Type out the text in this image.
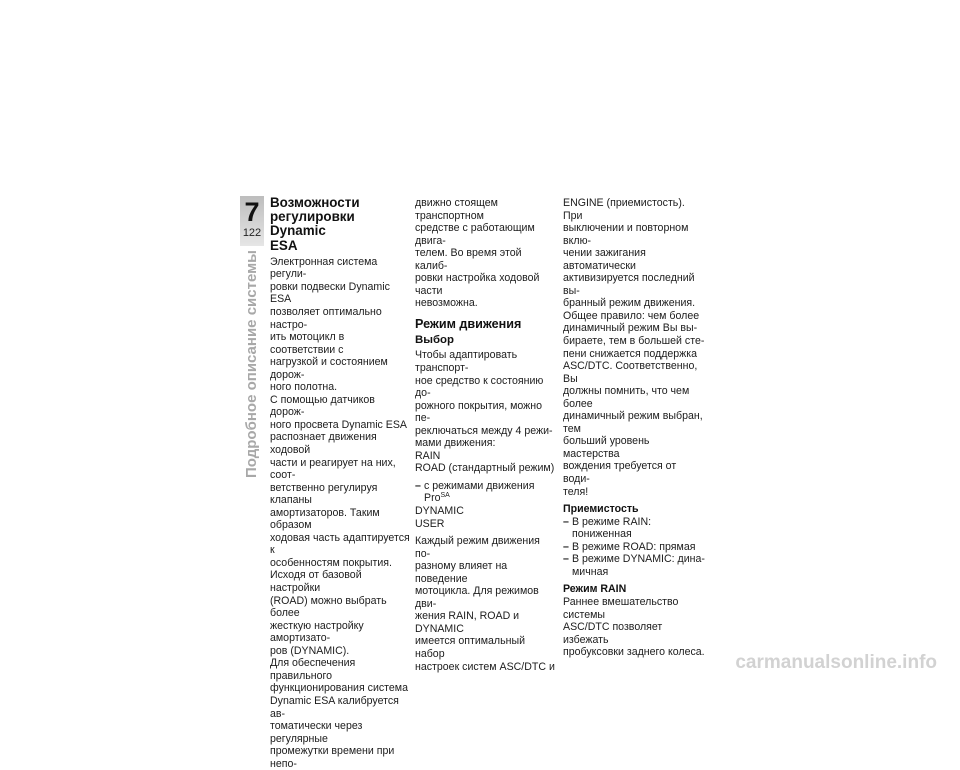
7
122
Подробное описание системы
Возможности
регулировки Dynamic
ESA

Электронная система регули-
ровки подвески Dynamic ESA
позволяет оптимально настро-
ить мотоцикл в соответствии с
нагрузкой и состоянием дорож-
ного полотна.

С помощью датчиков дорож-
ного просвета Dynamic ESA
распознает движения ходовой
части и реагирует на них, соот-
ветственно регулируя клапаны
амортизаторов. Таким образом
ходовая часть адаптируется к
особенностям покрытия.

Исходя от базовой настройки
(ROAD) можно выбрать более
жесткую настройку амортизато-
ров (DYNAMIC).

Для обеспечения правильного
функционирования система
Dynamic ESA калибруется ав-
томатически через регулярные
промежутки времени при непо-

движно стоящем транспортном
средстве с работающим двига-
телем. Во время этой калиб-
ровки настройка ходовой части
невозможна.

Режим движения
Выбор

Чтобы адаптировать транспорт-
ное средство к состоянию до-
рожного покрытия, можно пе-
реключаться между 4 режи-
мами движения:

RAIN
ROAD (стандартный режим)

– с режимами движения Pro$^{SA}$

DYNAMIC
USER

Каждый режим движения по-
разному влияет на поведение
мотоцикла. Для режимов дви-
жения RAIN, ROAD и DYNAMIC
имеется оптимальный набор
настроек систем ASC/DTC и

ENGINE (приемистость). При
выключении и повторном вклю-
чении зажигания автоматически
активизируется последний вы-
бранный режим движения.

Общее правило: чем более
динамичный режим Вы вы-
бираете, тем в большей сте-
пени снижается поддержка
ASC/DTC. Соответственно, Вы
должны помнить, что чем более
динамичный режим выбран, тем
больший уровень мастерства
вождения требуется от води-
теля!

Приемистость
– В режиме RAIN: пониженная
– В режиме ROAD: прямая
– В режиме DYNAMIC: дина-
мичная
Режим RAIN

Раннее вмешательство системы
ASC/DTC позволяет избежать
пробуксовки заднего колеса. carmanualsonline.info
